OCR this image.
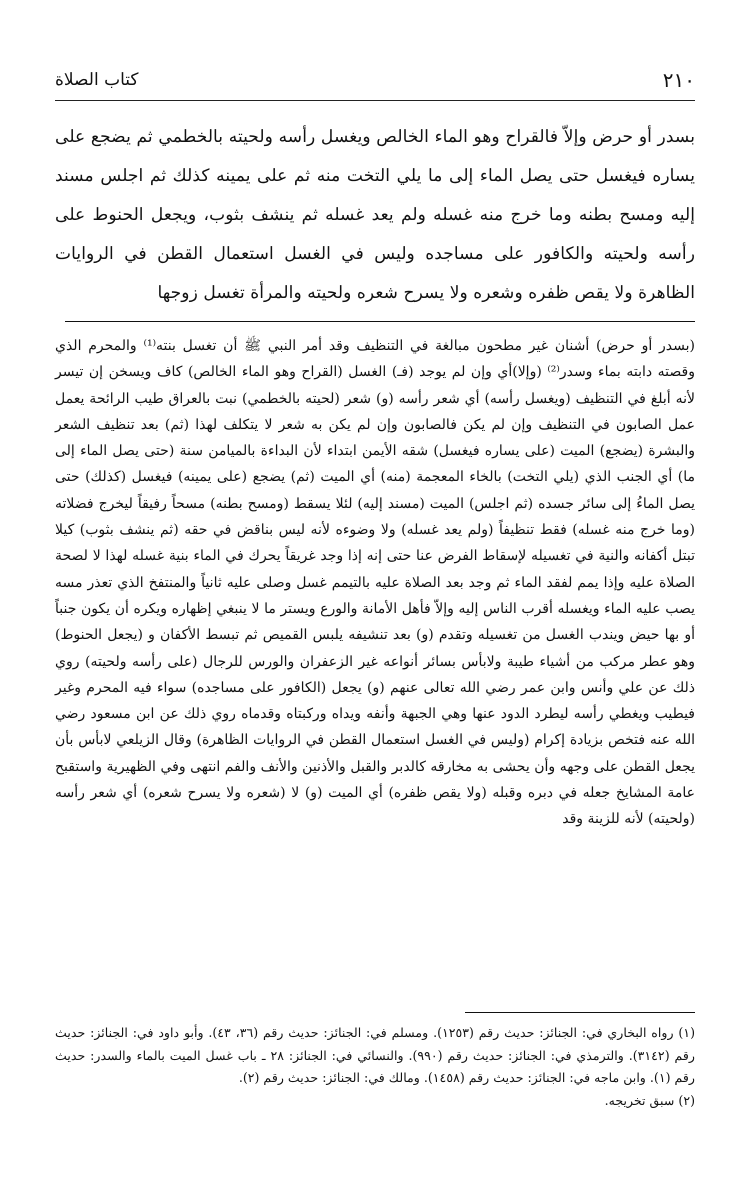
كتاب الصلاة	٢١٠

بسدر أو حرض وإلاّ فالقراح وهو الماء الخالص ويغسل رأسه ولحيته بالخطمي ثم يضجع على يساره فيغسل حتى يصل الماء إلى ما يلي التخت منه ثم على يمينه كذلك ثم اجلس مسند إليه ومسح بطنه وما خرج منه غسله ولم يعد غسله ثم ينشف بثوب، ويجعل الحنوط على رأسه ولحيته والكافور على مساجده وليس في الغسل استعمال القطن في الروايات الظاهرة ولا يقص ظفره وشعره ولا يسرح شعره ولحيته والمرأة تغسل زوجها

(بسدر أو حرض) أشنان غير مطحون مبالغة في التنظيف وقد أمر النبي ﷺ أن تغسل بنته⁽¹⁾ والمحرم الذي وقصته دابته بماء وسدر⁽²⁾ (وإلا)أي وإن لم يوجد (فـ) الغسل (القراح وهو الماء الخالص) كاف ويسخن إن تيسر لأنه أبلغ في التنظيف (ويغسل رأسه) أي شعر رأسه (و) شعر (لحيته بالخطمي) نبت بالعراق طيب الرائحة يعمل عمل الصابون في التنظيف وإن لم يكن فالصابون وإن لم يكن به شعر لا يتكلف لهذا (ثم) بعد تنظيف الشعر والبشرة (يضجع) الميت (على يساره فيغسل) شقه الأيمن ابتداء لأن البداءة بالميامن سنة (حتى يصل الماء إلى ما) أي الجنب الذي (يلي التخت) بالخاء المعجمة (منه) أي الميت (ثم) يضجع (على يمينه) فيغسل (كذلك) حتى يصل الماءُ إلى سائر جسده (ثم اجلس) الميت (مسند إليه) لئلا يسقط (ومسح بطنه) مسحاً رفيقاً ليخرج فضلاته (وما خرج منه غسله) فقط تنظيفاً (ولم يعد غسله) ولا وضوءه لأنه ليس بناقض في حقه (ثم ينشف بثوب) كيلا تبتل أكفانه والنية في تغسيله لإسقاط الفرض عنا حتى إنه إذا وجد غريقاً يحرك في الماء بنية غسله لهذا لا لصحة الصلاة عليه وإذا يمم لفقد الماء ثم وجد بعد الصلاة عليه بالتيمم غسل وصلى عليه ثانياً والمنتفخ الذي تعذر مسه يصب عليه الماء ويغسله أقرب الناس إليه وإلاّ فأهل الأمانة والورع ويستر ما لا ينبغي إظهاره ويكره أن يكون جنباً أو بها حيض ويندب الغسل من تغسيله وتقدم (و) بعد تنشيفه يلبس القميص ثم تبسط الأكفان و (يجعل الحنوط) وهو عطر مركب من أشياء طيبة ولابأس بسائر أنواعه غير الزعفران والورس للرجال (على رأسه ولحيته) روي ذلك عن علي وأنس وابن عمر رضي الله تعالى عنهم (و) يجعل (الكافور على مساجده) سواء فيه المحرم وغير فيطيب ويغطي رأسه ليطرد الدود عنها وهي الجبهة وأنفه ويداه وركبتاه وقدماه روي ذلك عن ابن مسعود رضي الله عنه فتخص بزيادة إكرام (وليس في الغسل استعمال القطن في الروايات الظاهرة) وقال الزيلعي لابأس بأن يجعل القطن على وجهه وأن يحشى به مخارقه كالدبر والقبل والأذنين والأنف والفم انتهى وفي الظهيرية واستقبح عامة المشايخ جعله في دبره وقبله (ولا يقص ظفره) أي الميت (و) لا (شعره ولا يسرح شعره) أي شعر رأسه (ولحيته) لأنه للزينة وقد

(١) رواه البخاري في: الجنائز: حديث رقم (١٢٥٣). ومسلم في: الجنائز: حديث رقم (٣٦، ٤٣). وأبو داود في: الجنائز: حديث رقم (٣١٤٢). والترمذي في: الجنائز: حديث رقم (٩٩٠). والنسائي في: الجنائز: ٢٨ ـ باب غسل الميت بالماء والسدر: حديث رقم (١). وابن ماجه في: الجنائز: حديث رقم (١٤٥٨). ومالك في: الجنائز: حديث رقم (٢).

(٢) سبق تخريجه.
